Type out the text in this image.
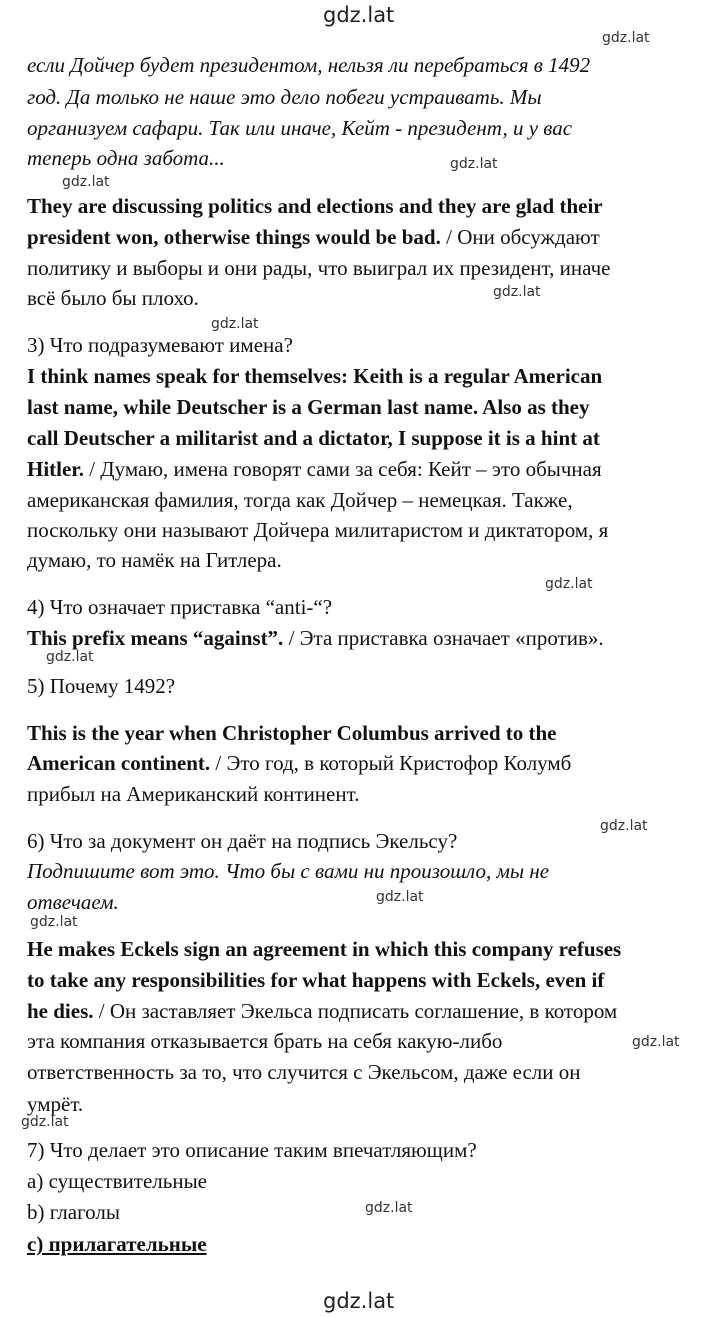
gdz.lat
gdz.lat
gdz.lat
gdz.lat
gdz.lat
gdz.lat
gdz.lat
gdz.lat
gdz.lat
gdz.lat
gdz.lat
gdz.lat
gdz.lat
gdz.lat
gdz.lat
если Дойчер будет президентом, нельзя ли перебраться в 1492
год. Да только не наше это дело побеги устраивать. Мы
организуем сафари. Так или иначе, Кейт - президент, и у вас
теперь одна забота...
They are discussing politics and elections and they are glad their
president won, otherwise things would be bad. / Они обсуждают
политику и выборы и они рады, что выиграл их президент, иначе
всё было бы плохо.
3) Что подразумевают имена?
I think names speak for themselves: Keith is a regular American
last name, while Deutscher is a German last name. Also as they
call Deutscher a militarist and a dictator, I suppose it is a hint at
Hitler. / Думаю, имена говорят сами за себя: Кейт – это обычная
американская фамилия, тогда как Дойчер – немецкая. Также,
поскольку они называют Дойчера милитаристом и диктатором, я
думаю, то намёк на Гитлера.
4) Что означает приставка “anti-“?
This prefix means “against”. / Эта приставка означает «против».
5) Почему 1492?
This is the year when Christopher Columbus arrived to the
American continent. / Это год, в который Кристофор Колумб
прибыл на Американский континент.
6) Что за документ он даёт на подпись Экельсу?
Подпишите вот это. Что бы с вами ни произошло, мы не
отвечаем.
He makes Eckels sign an agreement in which this company refuses
to take any responsibilities for what happens with Eckels, even if
he dies. / Он заставляет Экельса подписать соглашение, в котором
эта компания отказывается брать на себя какую-либо
ответственность за то, что случится с Экельсом, даже если он
умрёт.
7) Что делает это описание таким впечатляющим?
a) существительные
b) глаголы
c) прилагательные
